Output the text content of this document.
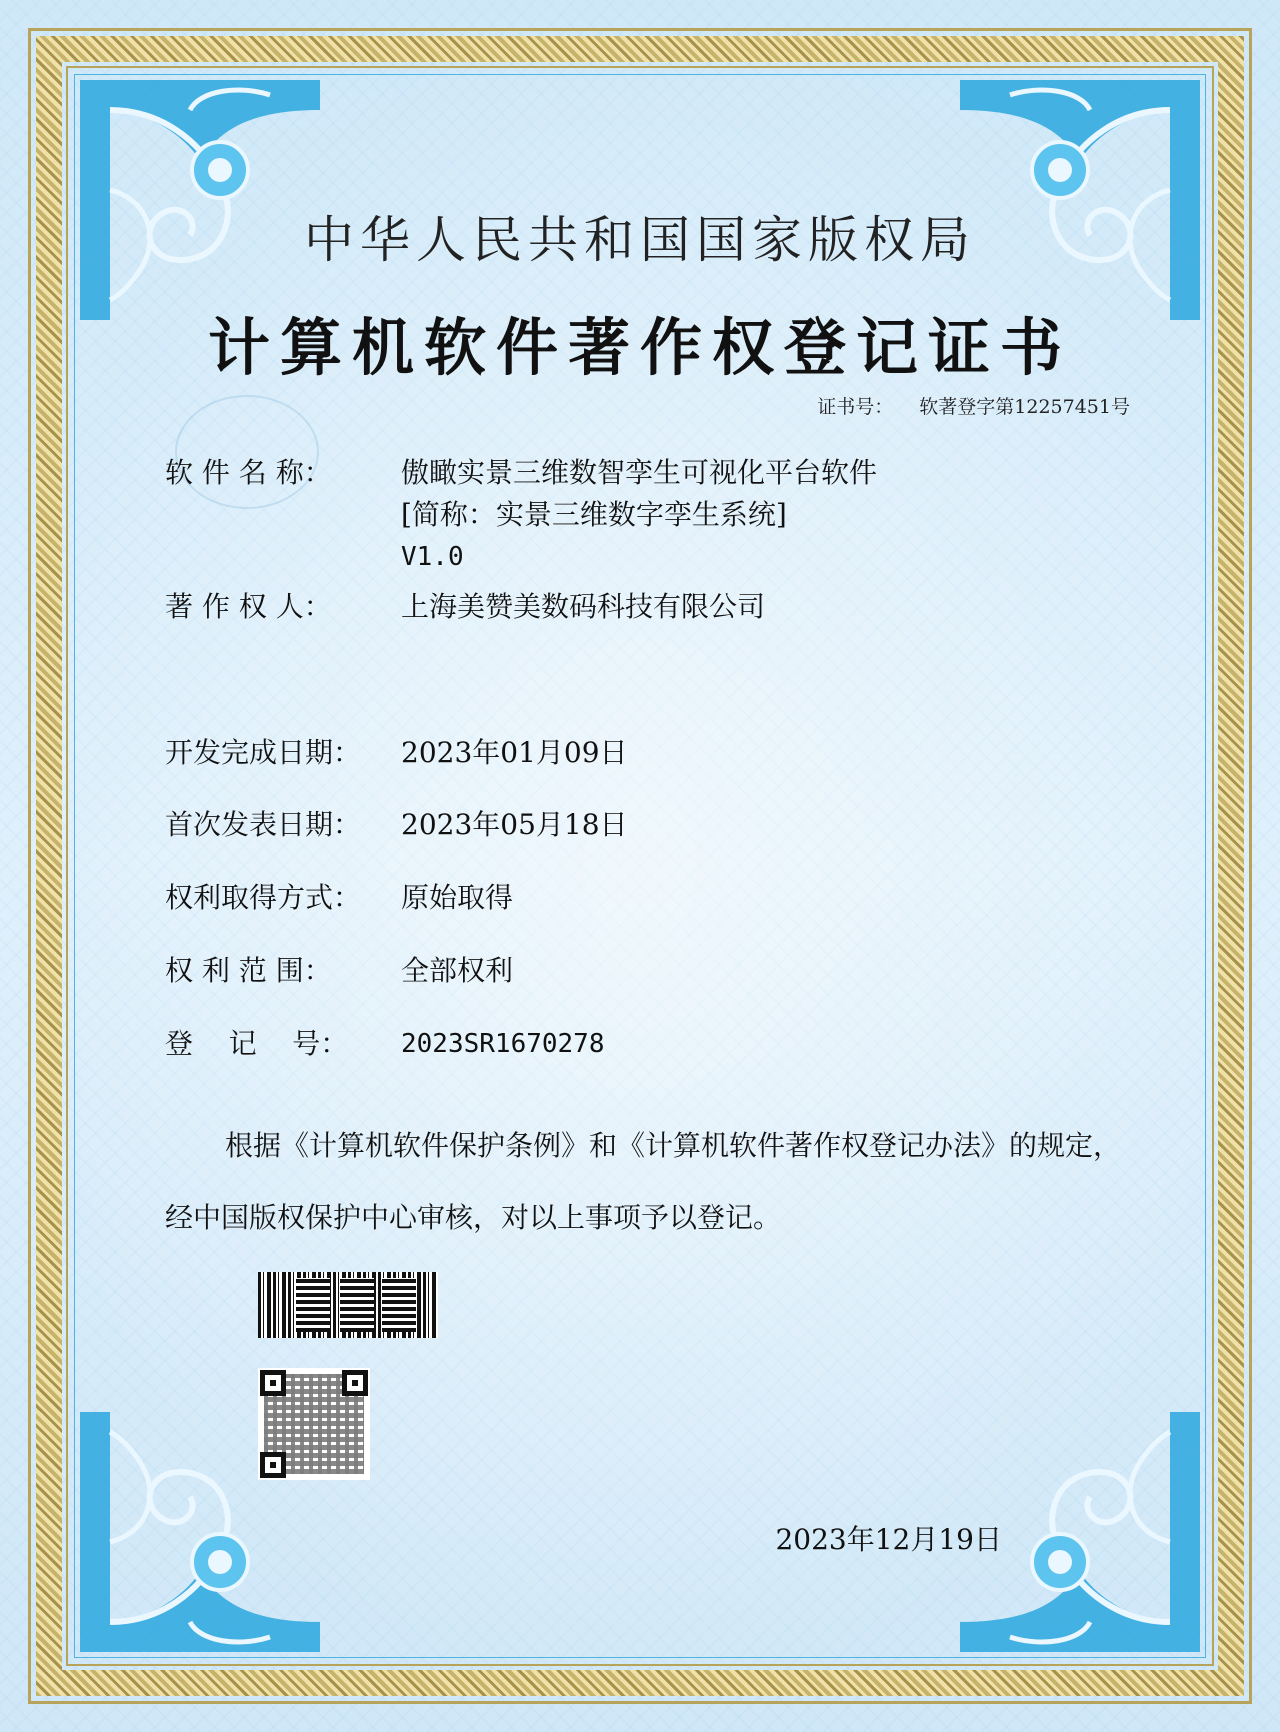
中华人民共和国国家版权局
计算机软件著作权登记证书
证书号： 软著登字第12257451号
软 件 名 称：	傲瞰实景三维数智孪生可视化平台软件
[简称：实景三维数字孪生系统]
V1.0
著 作 权 人：	上海美赞美数码科技有限公司
开发完成日期：	2023年01月09日
首次发表日期：	2023年05月18日
权利取得方式：	原始取得
权 利 范 围：	全部权利
登    记    号：	2023SR1670278
根据《计算机软件保护条例》和《计算机软件著作权登记办法》的规定，经中国版权保护中心审核，对以上事项予以登记。
2023年12月19日
